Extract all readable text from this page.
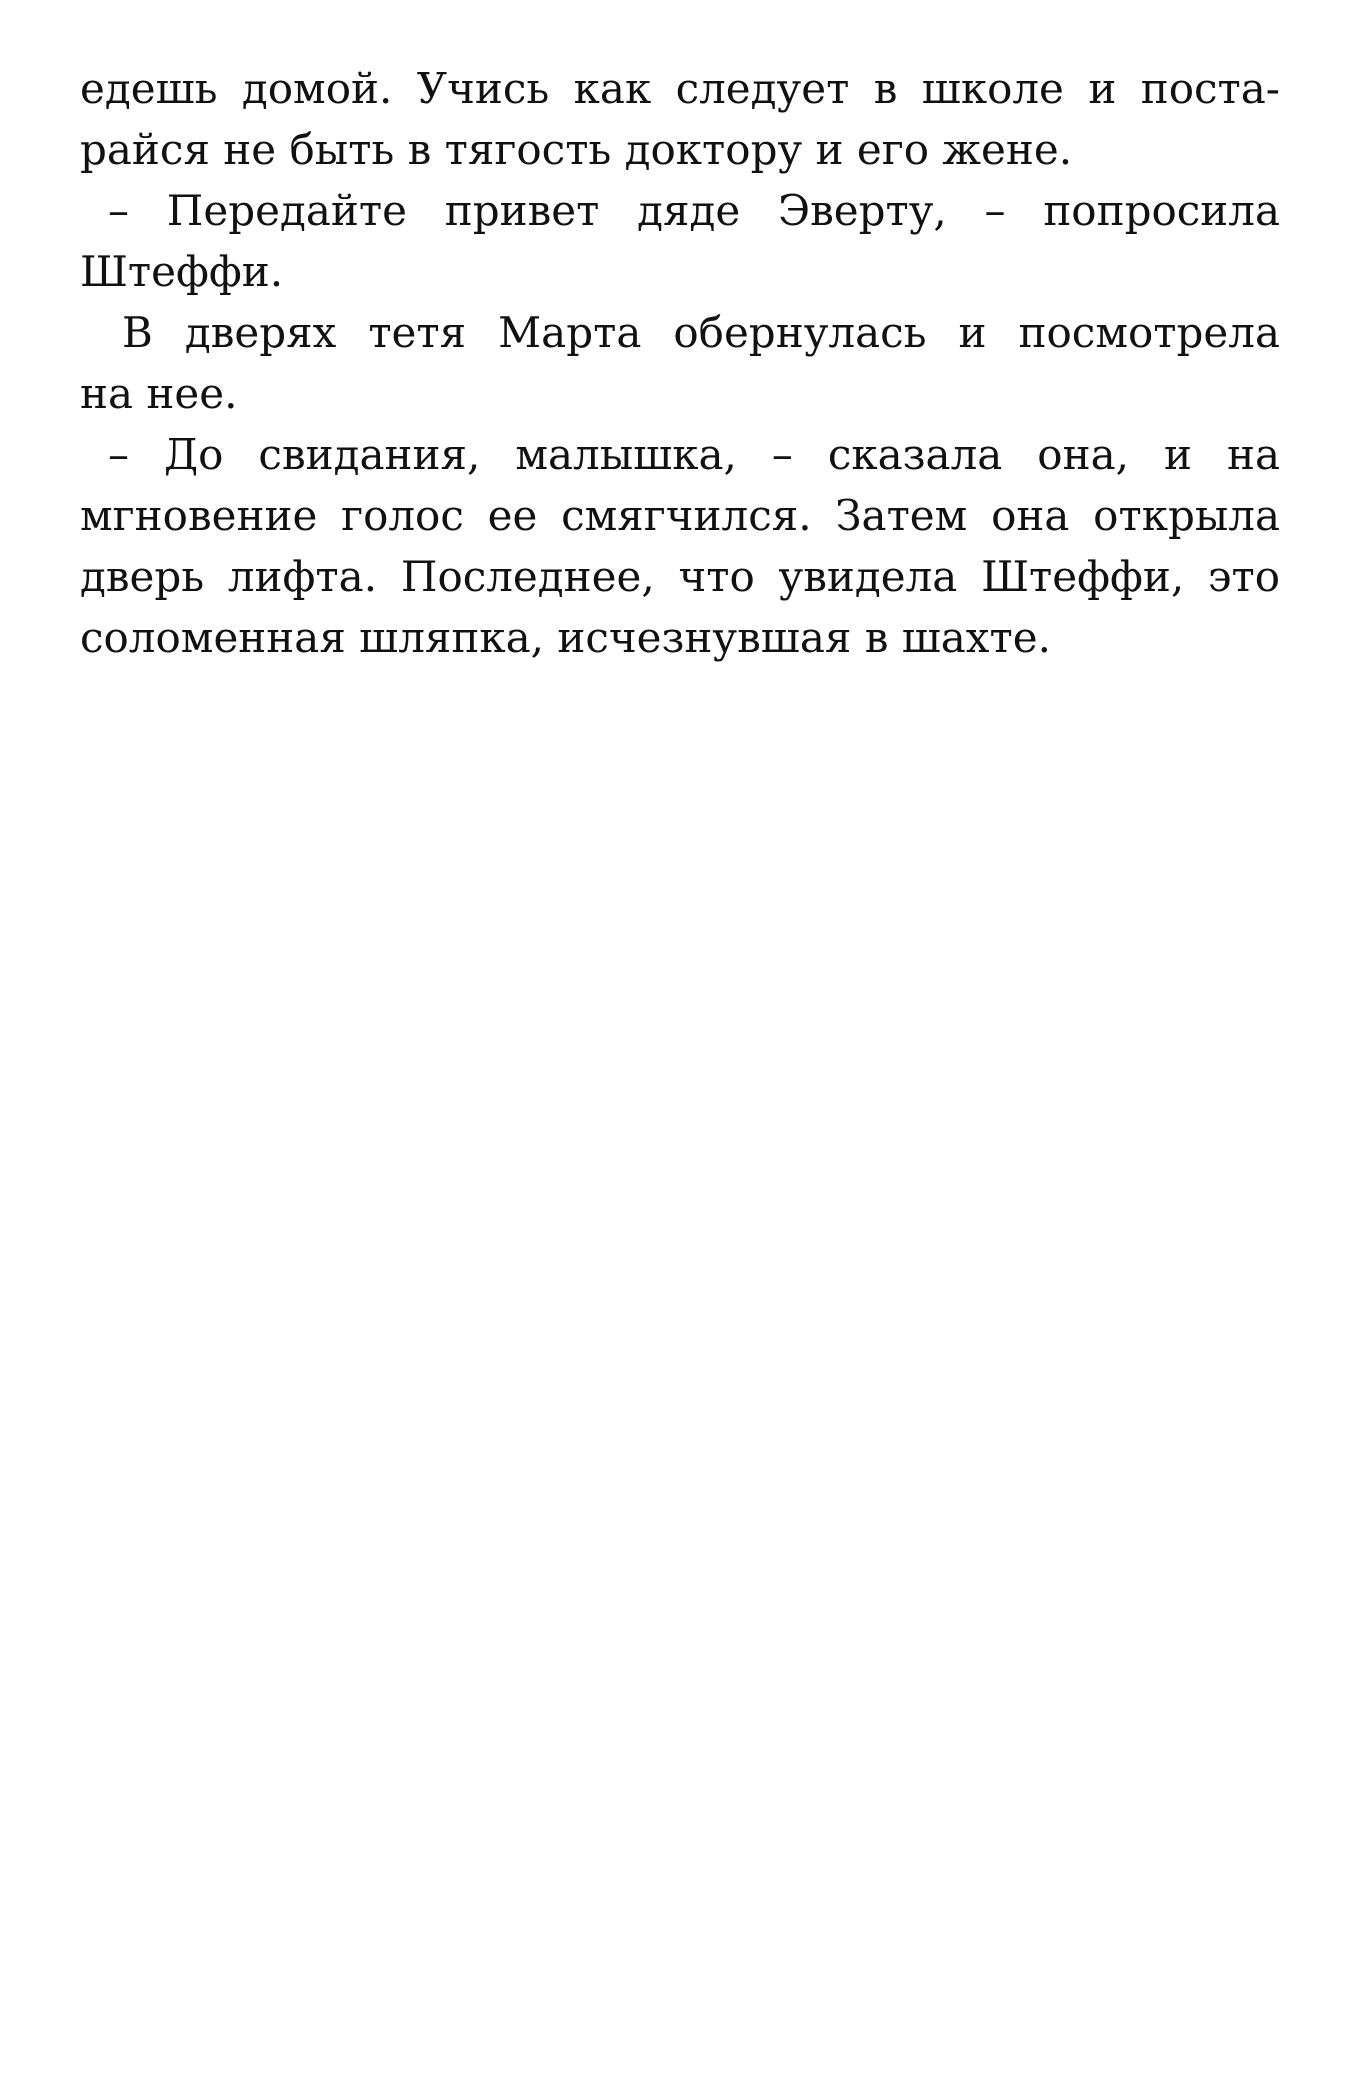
едешь домой. Учись как следует в школе и поста-
райся не быть в тягость доктору и его жене.

– Передайте привет дяде Эверту, – попросила
Штеффи.

В дверях тетя Марта обернулась и посмотрела
на нее.

– До свидания, малышка, – сказала она, и на
мгновение голос ее смягчился. Затем она открыла
дверь лифта. Последнее, что увидела Штеффи, это
соломенная шляпка, исчезнувшая в шахте.
